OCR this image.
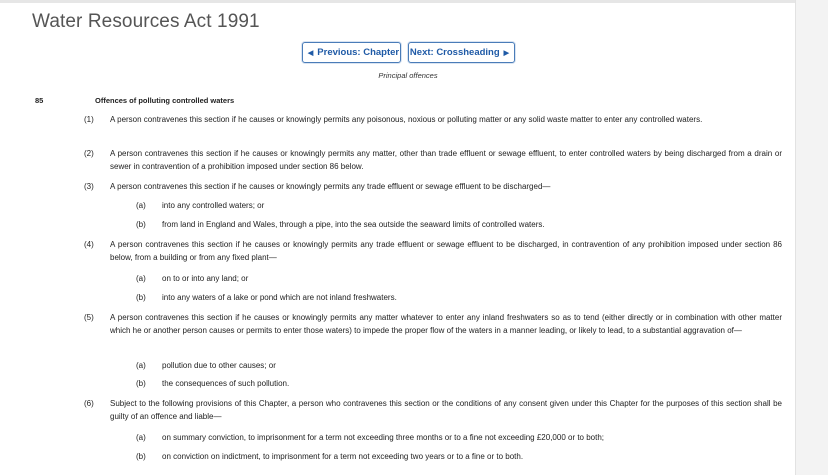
Water Resources Act 1991
◀ Previous: Chapter Next: Crossheading ▶
Principal offences
85	Offences of polluting controlled waters
(1) A person contravenes this section if he causes or knowingly permits any poisonous, noxious or polluting matter or any solid waste matter to enter any controlled waters.
(2) A person contravenes this section if he causes or knowingly permits any matter, other than trade effluent or sewage effluent, to enter controlled waters by being discharged from a drain or sewer in contravention of a prohibition imposed under section 86 below.
(3) A person contravenes this section if he causes or knowingly permits any trade effluent or sewage effluent to be discharged—
(a) into any controlled waters; or
(b) from land in England and Wales, through a pipe, into the sea outside the seaward limits of controlled waters.
(4) A person contravenes this section if he causes or knowingly permits any trade effluent or sewage effluent to be discharged, in contravention of any prohibition imposed under section 86 below, from a building or from any fixed plant—
(a) on to or into any land; or
(b) into any waters of a lake or pond which are not inland freshwaters.
(5) A person contravenes this section if he causes or knowingly permits any matter whatever to enter any inland freshwaters so as to tend (either directly or in combination with other matter which he or another person causes or permits to enter those waters) to impede the proper flow of the waters in a manner leading, or likely to lead, to a substantial aggravation of—
(a) pollution due to other causes; or
(b) the consequences of such pollution.
(6) Subject to the following provisions of this Chapter, a person who contravenes this section or the conditions of any consent given under this Chapter for the purposes of this section shall be guilty of an offence and liable—
(a) on summary conviction, to imprisonment for a term not exceeding three months or to a fine not exceeding £20,000 or to both;
(b) on conviction on indictment, to imprisonment for a term not exceeding two years or to a fine or to both.
